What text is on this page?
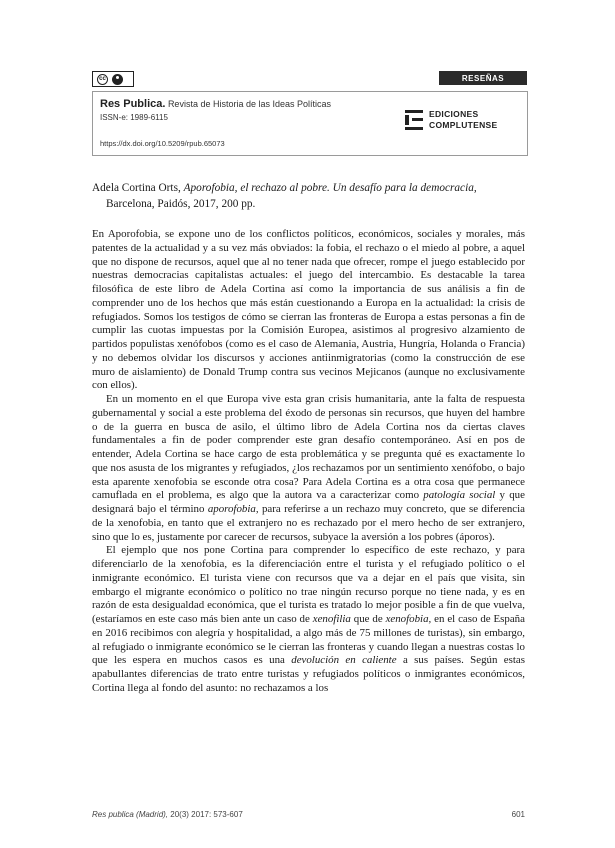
cc	RESEÑAS
Res Publica. Revista de Historia de las Ideas Políticas
ISSN-e: 1989-6115
https://dx.doi.org/10.5209/rpub.65073
EDICIONES
COMPLUTENSE
Adela Cortina Orts, Aporofobia, el rechazo al pobre. Un desafío para la democracia,
Barcelona, Paidós, 2017, 200 pp.

En Aporofobia, se expone uno de los conflictos políticos, económicos, sociales y morales, más patentes de la actualidad y a su vez más obviados: la fobia, el rechazo o el miedo al pobre, a aquel que no dispone de recursos, aquel que al no tener nada que ofrecer, rompe el juego establecido por nuestras democracias capitalistas actuales: el juego del intercambio. Es destacable la tarea filosófica de este libro de Adela Cortina así como la importancia de sus análisis a fin de comprender uno de los hechos que más están cuestionando a Europa en la actualidad: la crisis de refugiados. Somos los testigos de cómo se cierran las fronteras de Europa a estas personas a fin de cumplir las cuotas impuestas por la Comisión Europea, asistimos al progresivo alzamiento de partidos populistas xenófobos (como es el caso de Alemania, Austria, Hungría, Holanda o Francia) y no debemos olvidar los discursos y acciones antiinmigratorias (como la construcción de ese muro de aislamiento) de Donald Trump contra sus vecinos Mejicanos (aunque no exclusivamente con ellos).

En un momento en el que Europa vive esta gran crisis humanitaria, ante la falta de respuesta gubernamental y social a este problema del éxodo de personas sin recursos, que huyen del hambre o de la guerra en busca de asilo, el último libro de Adela Cortina nos da ciertas claves fundamentales a fin de poder comprender este gran desafío contemporáneo. Así en pos de entender, Adela Cortina se hace cargo de esta problemática y se pregunta qué es exactamente lo que nos asusta de los migrantes y refugiados, ¿los rechazamos por un sentimiento xenófobo, o bajo esta aparente xenofobia se esconde otra cosa? Para Adela Cortina es a otra cosa que permanece camuflada en el problema, es algo que la autora va a caracterizar como patología social y que designará bajo el término aporofobia, para referirse a un rechazo muy concreto, que se diferencia de la xenofobia, en tanto que el extranjero no es rechazado por el mero hecho de ser extranjero, sino que lo es, justamente por carecer de recursos, subyace la aversión a los pobres (áporos).

El ejemplo que nos pone Cortina para comprender lo específico de este rechazo, y para diferenciarlo de la xenofobia, es la diferenciación entre el turista y el refugiado político o el inmigrante económico. El turista viene con recursos que va a dejar en el país que visita, sin embargo el migrante económico o político no trae ningún recurso porque no tiene nada, y es en razón de esta desigualdad económica, que el turista es tratado lo mejor posible a fin de que vuelva, (estaríamos en este caso más bien ante un caso de xenofilia que de xenofobia, en el caso de España en 2016 recibimos con alegría y hospitalidad, a algo más de 75 millones de turistas), sin embargo, al refugiado o inmigrante económico se le cierran las fronteras y cuando llegan a nuestras costas lo que les espera en muchos casos es una devolución en caliente a sus países. Según estas apabullantes diferencias de trato entre turistas y refugiados políticos o inmigrantes económicos, Cortina llega al fondo del asunto: no rechazamos a los

Res publica (Madrid), 20(3) 2017: 573-607	601
